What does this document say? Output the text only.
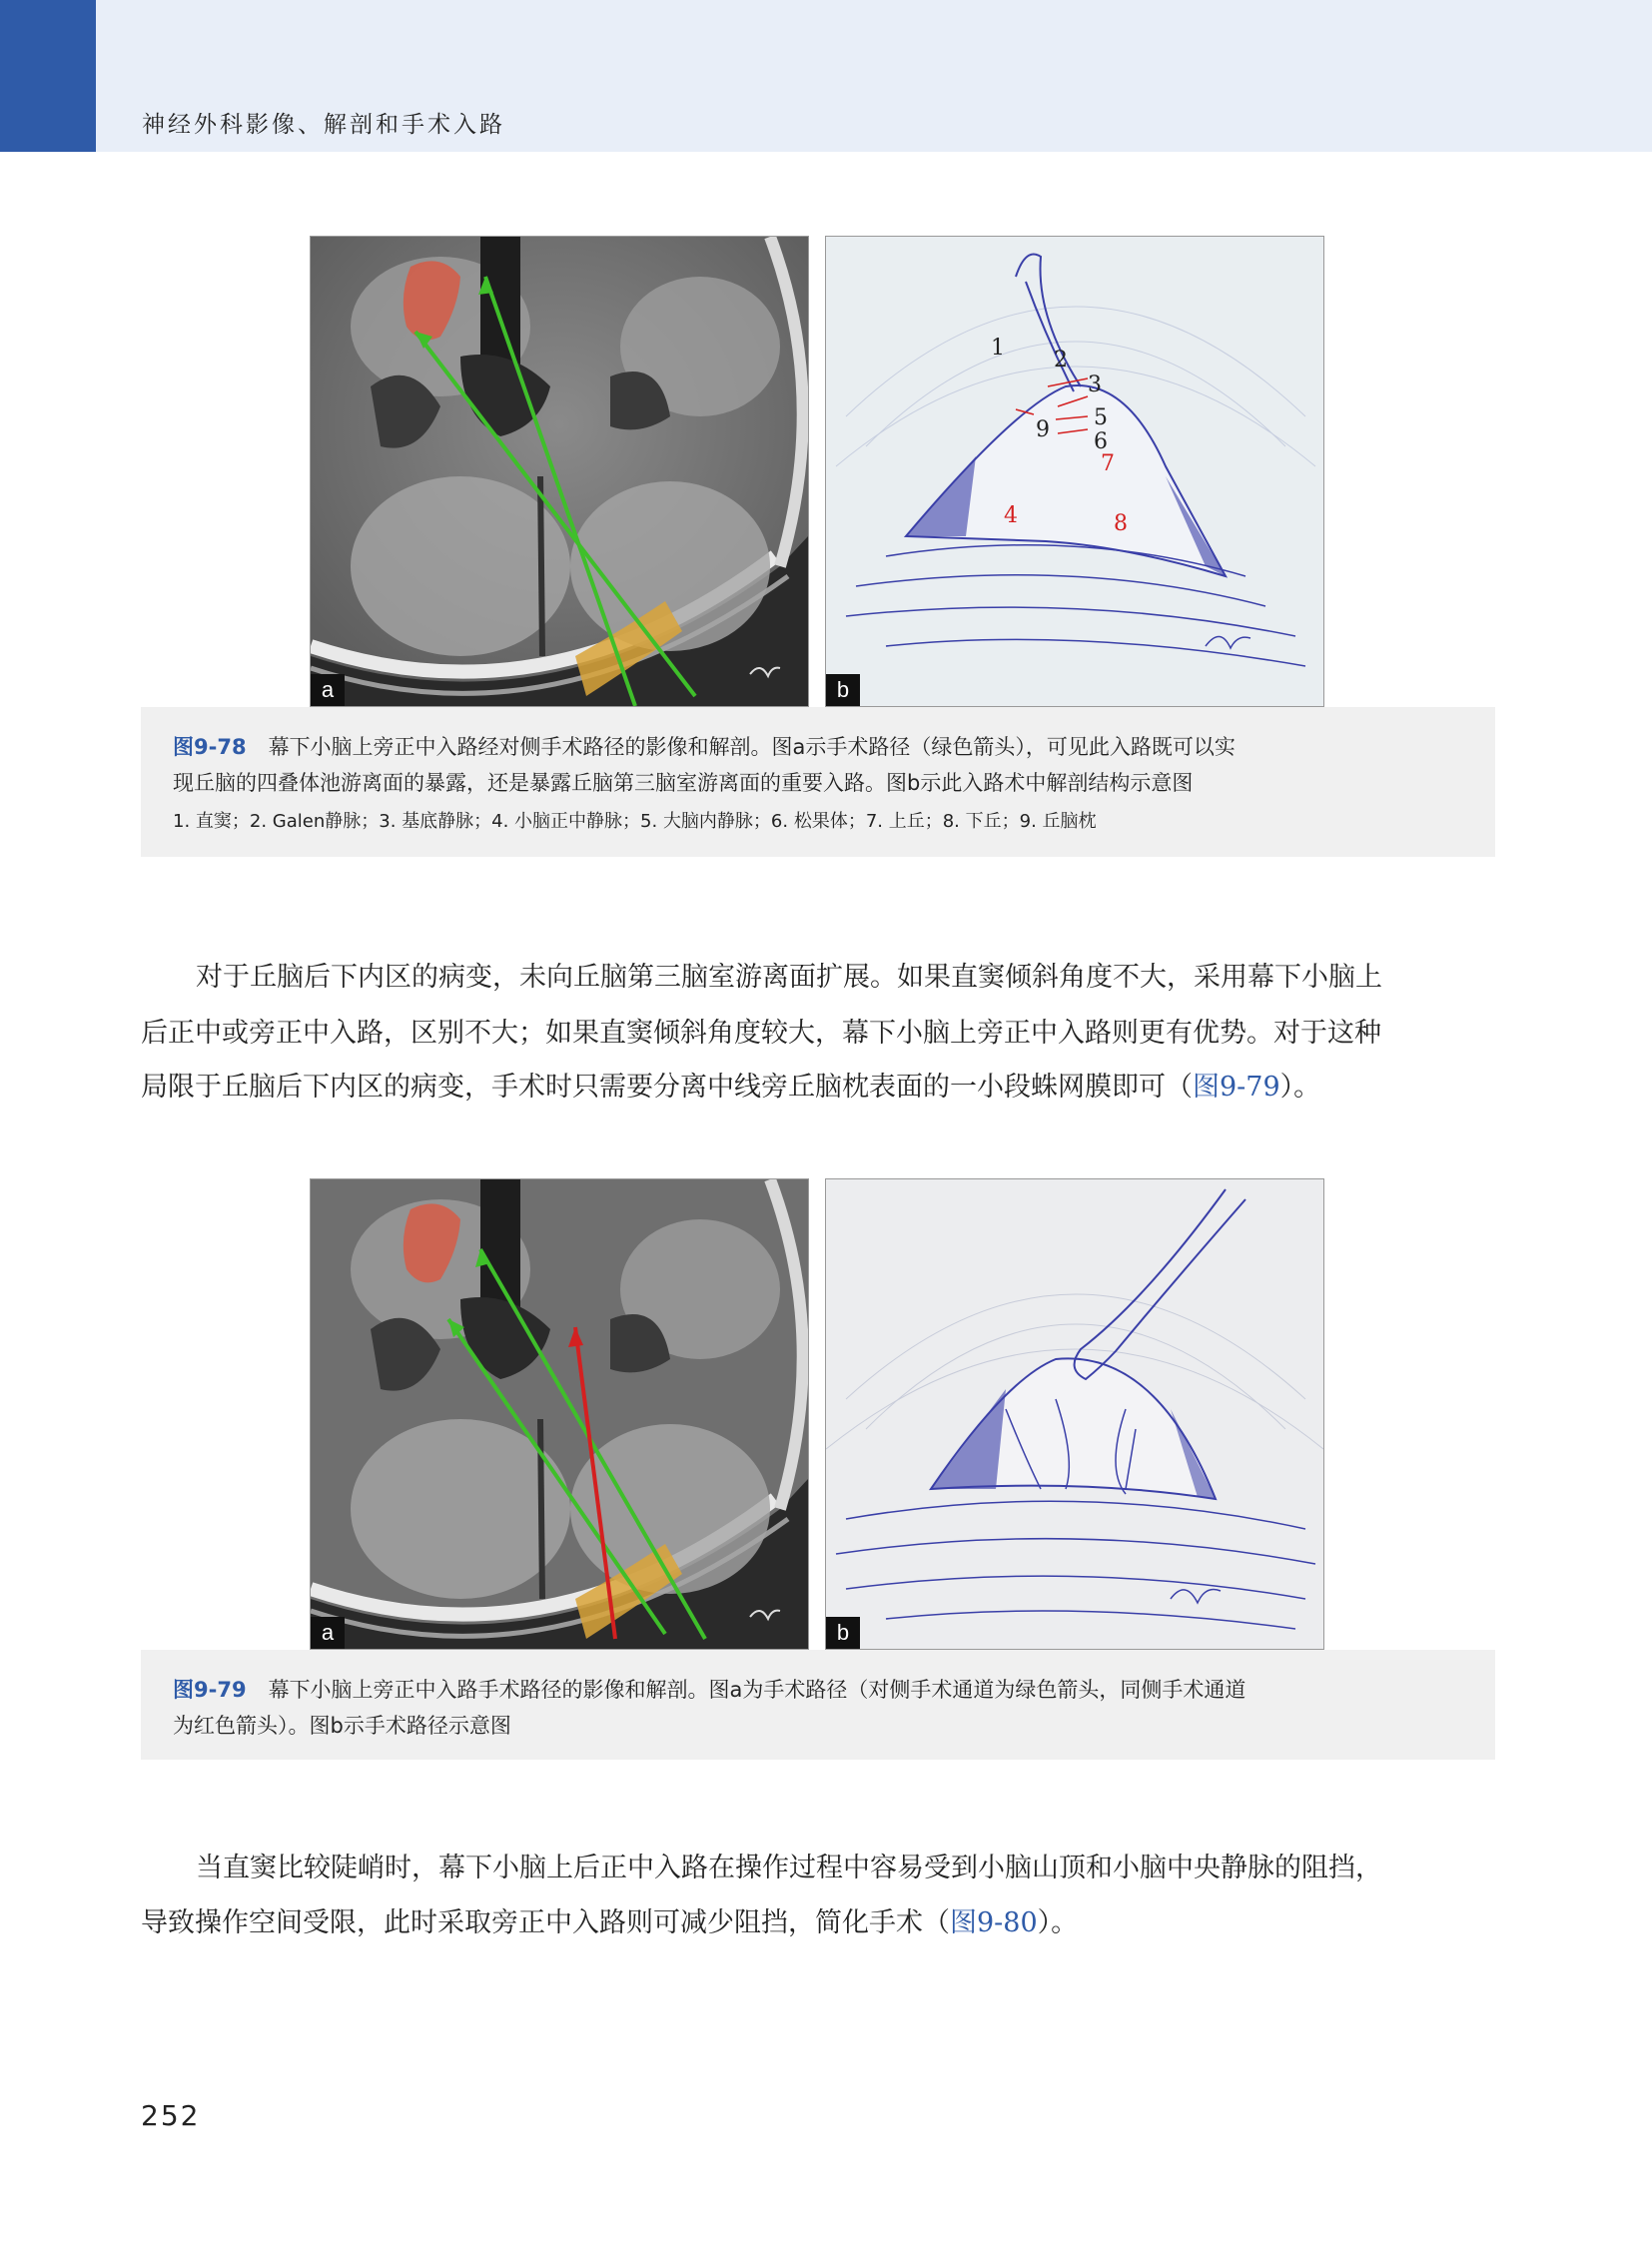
神经外科影像、解剖和手术入路
a
1 2
3
4
5
6
7
8
9
b
图9-78 幕下小脑上旁正中入路经对侧手术路径的影像和解剖。图a示手术路径（绿色箭头），可见此入路既可以实
现丘脑的四叠体池游离面的暴露，还是暴露丘脑第三脑室游离面的重要入路。图b示此入路术中解剖结构示意图
1. 直窦；2. Galen静脉；3. 基底静脉；4. 小脑正中静脉；5. 大脑内静脉；6. 松果体；7. 上丘；8. 下丘；9. 丘脑枕
对于丘脑后下内区的病变，未向丘脑第三脑室游离面扩展。如果直窦倾斜角度不大，采用幕下小脑上
后正中或旁正中入路，区别不大；如果直窦倾斜角度较大，幕下小脑上旁正中入路则更有优势。对于这种
局限于丘脑后下内区的病变，手术时只需要分离中线旁丘脑枕表面的一小段蛛网膜即可（图9-79）。
a	b
图9-79 幕下小脑上旁正中入路手术路径的影像和解剖。图a为手术路径（对侧手术通道为绿色箭头，同侧手术通道
为红色箭头）。图b示手术路径示意图
当直窦比较陡峭时，幕下小脑上后正中入路在操作过程中容易受到小脑山顶和小脑中央静脉的阻挡，
导致操作空间受限，此时采取旁正中入路则可减少阻挡，简化手术（图9-80）。
252
